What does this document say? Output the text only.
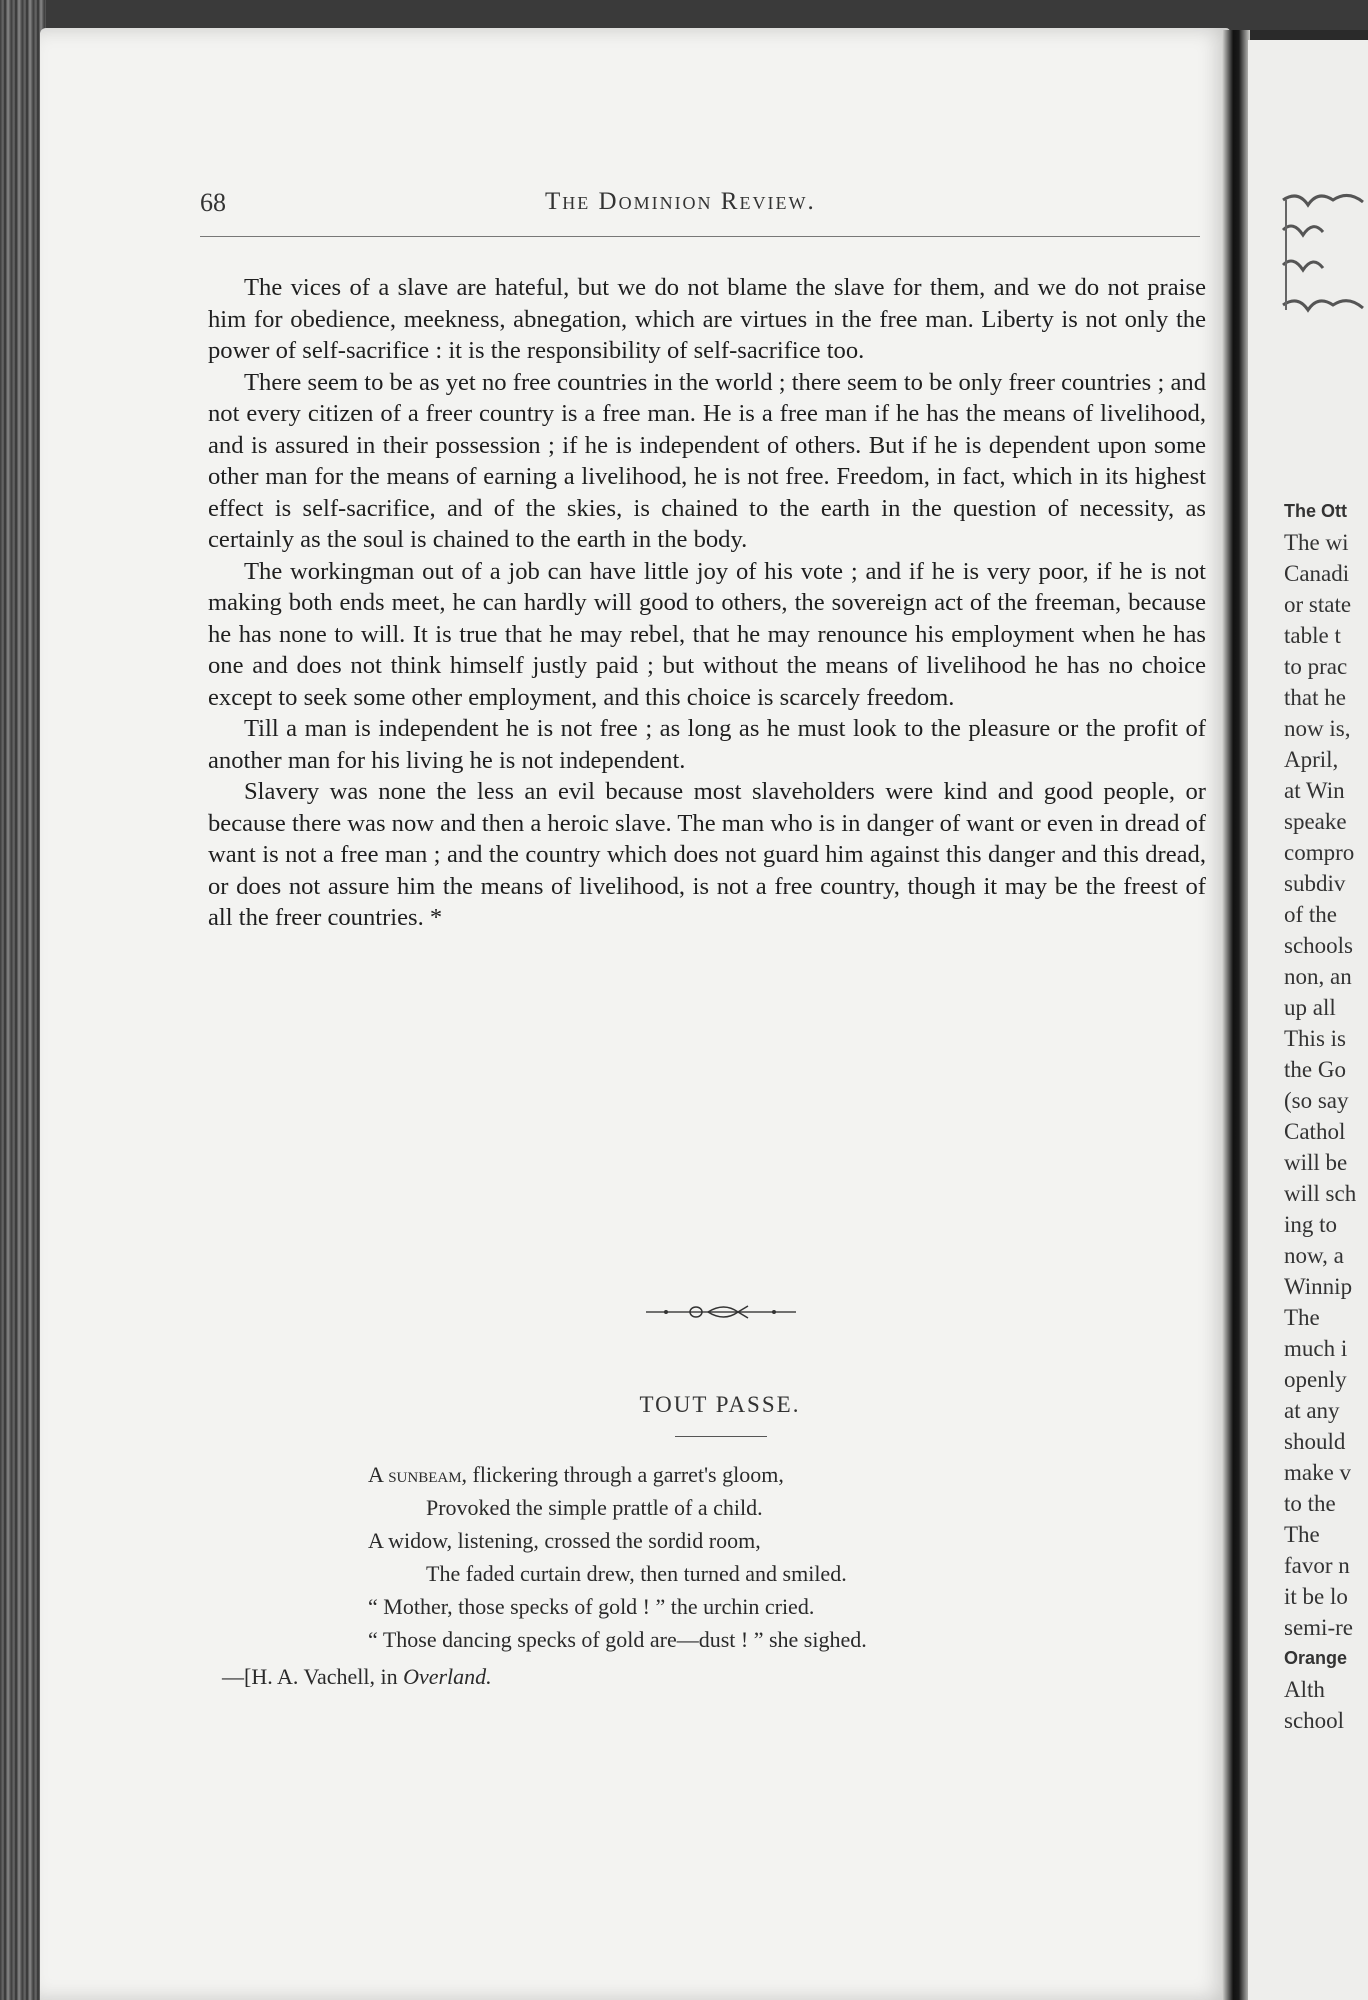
68	The Dominion Review.

The vices of a slave are hateful, but we do not blame the slave for them, and we do not praise him for obedience, meekness, abnegation, which are virtues in the free man. Liberty is not only the power of self-sacrifice : it is the responsibility of self-sacrifice too.

There seem to be as yet no free countries in the world ; there seem to be only freer countries ; and not every citizen of a freer country is a free man. He is a free man if he has the means of livelihood, and is assured in their possession ; if he is independent of others. But if he is dependent upon some other man for the means of earning a livelihood, he is not free. Freedom, in fact, which in its highest effect is self-sacrifice, and of the skies, is chained to the earth in the question of necessity, as certainly as the soul is chained to the earth in the body.

The workingman out of a job can have little joy of his vote ; and if he is very poor, if he is not making both ends meet, he can hardly will good to others, the sovereign act of the freeman, because he has none to will. It is true that he may rebel, that he may renounce his employment when he has one and does not think himself justly paid ; but without the means of livelihood he has no choice except to seek some other employment, and this choice is scarcely freedom.

Till a man is independent he is not free ; as long as he must look to the pleasure or the profit of another man for his living he is not independent.

Slavery was none the less an evil because most slaveholders were kind and good people, or because there was now and then a heroic slave. The man who is in danger of want or even in dread of want is not a free man ; and the country which does not guard him against this danger and this dread, or does not assure him the means of livelihood, is not a free country, though it may be the freest of all the freer countries. *

TOUT PASSE.
A sunbeam, flickering through a garret's gloom,
Provoked the simple prattle of a child.
A widow, listening, crossed the sordid room,
The faded curtain drew, then turned and smiled.
“ Mother, those specks of gold ! ” the urchin cried.
“ Those dancing specks of gold are—dust ! ” she sighed.
—[H. A. Vachell, in Overland.
The Ott
The wi
Canadi
or state
table t
to prac
that he
now is,
April,
at Win
speake
compro
subdiv
of the
schools
non, an
up all
This is
the Go
(so say
Cathol
will be
will sch
ing to
now, a
Winnip
The
much i
openly
at any
should
make v
to the
The
favor n
it be lo
semi-re
Orange
Alth
school
